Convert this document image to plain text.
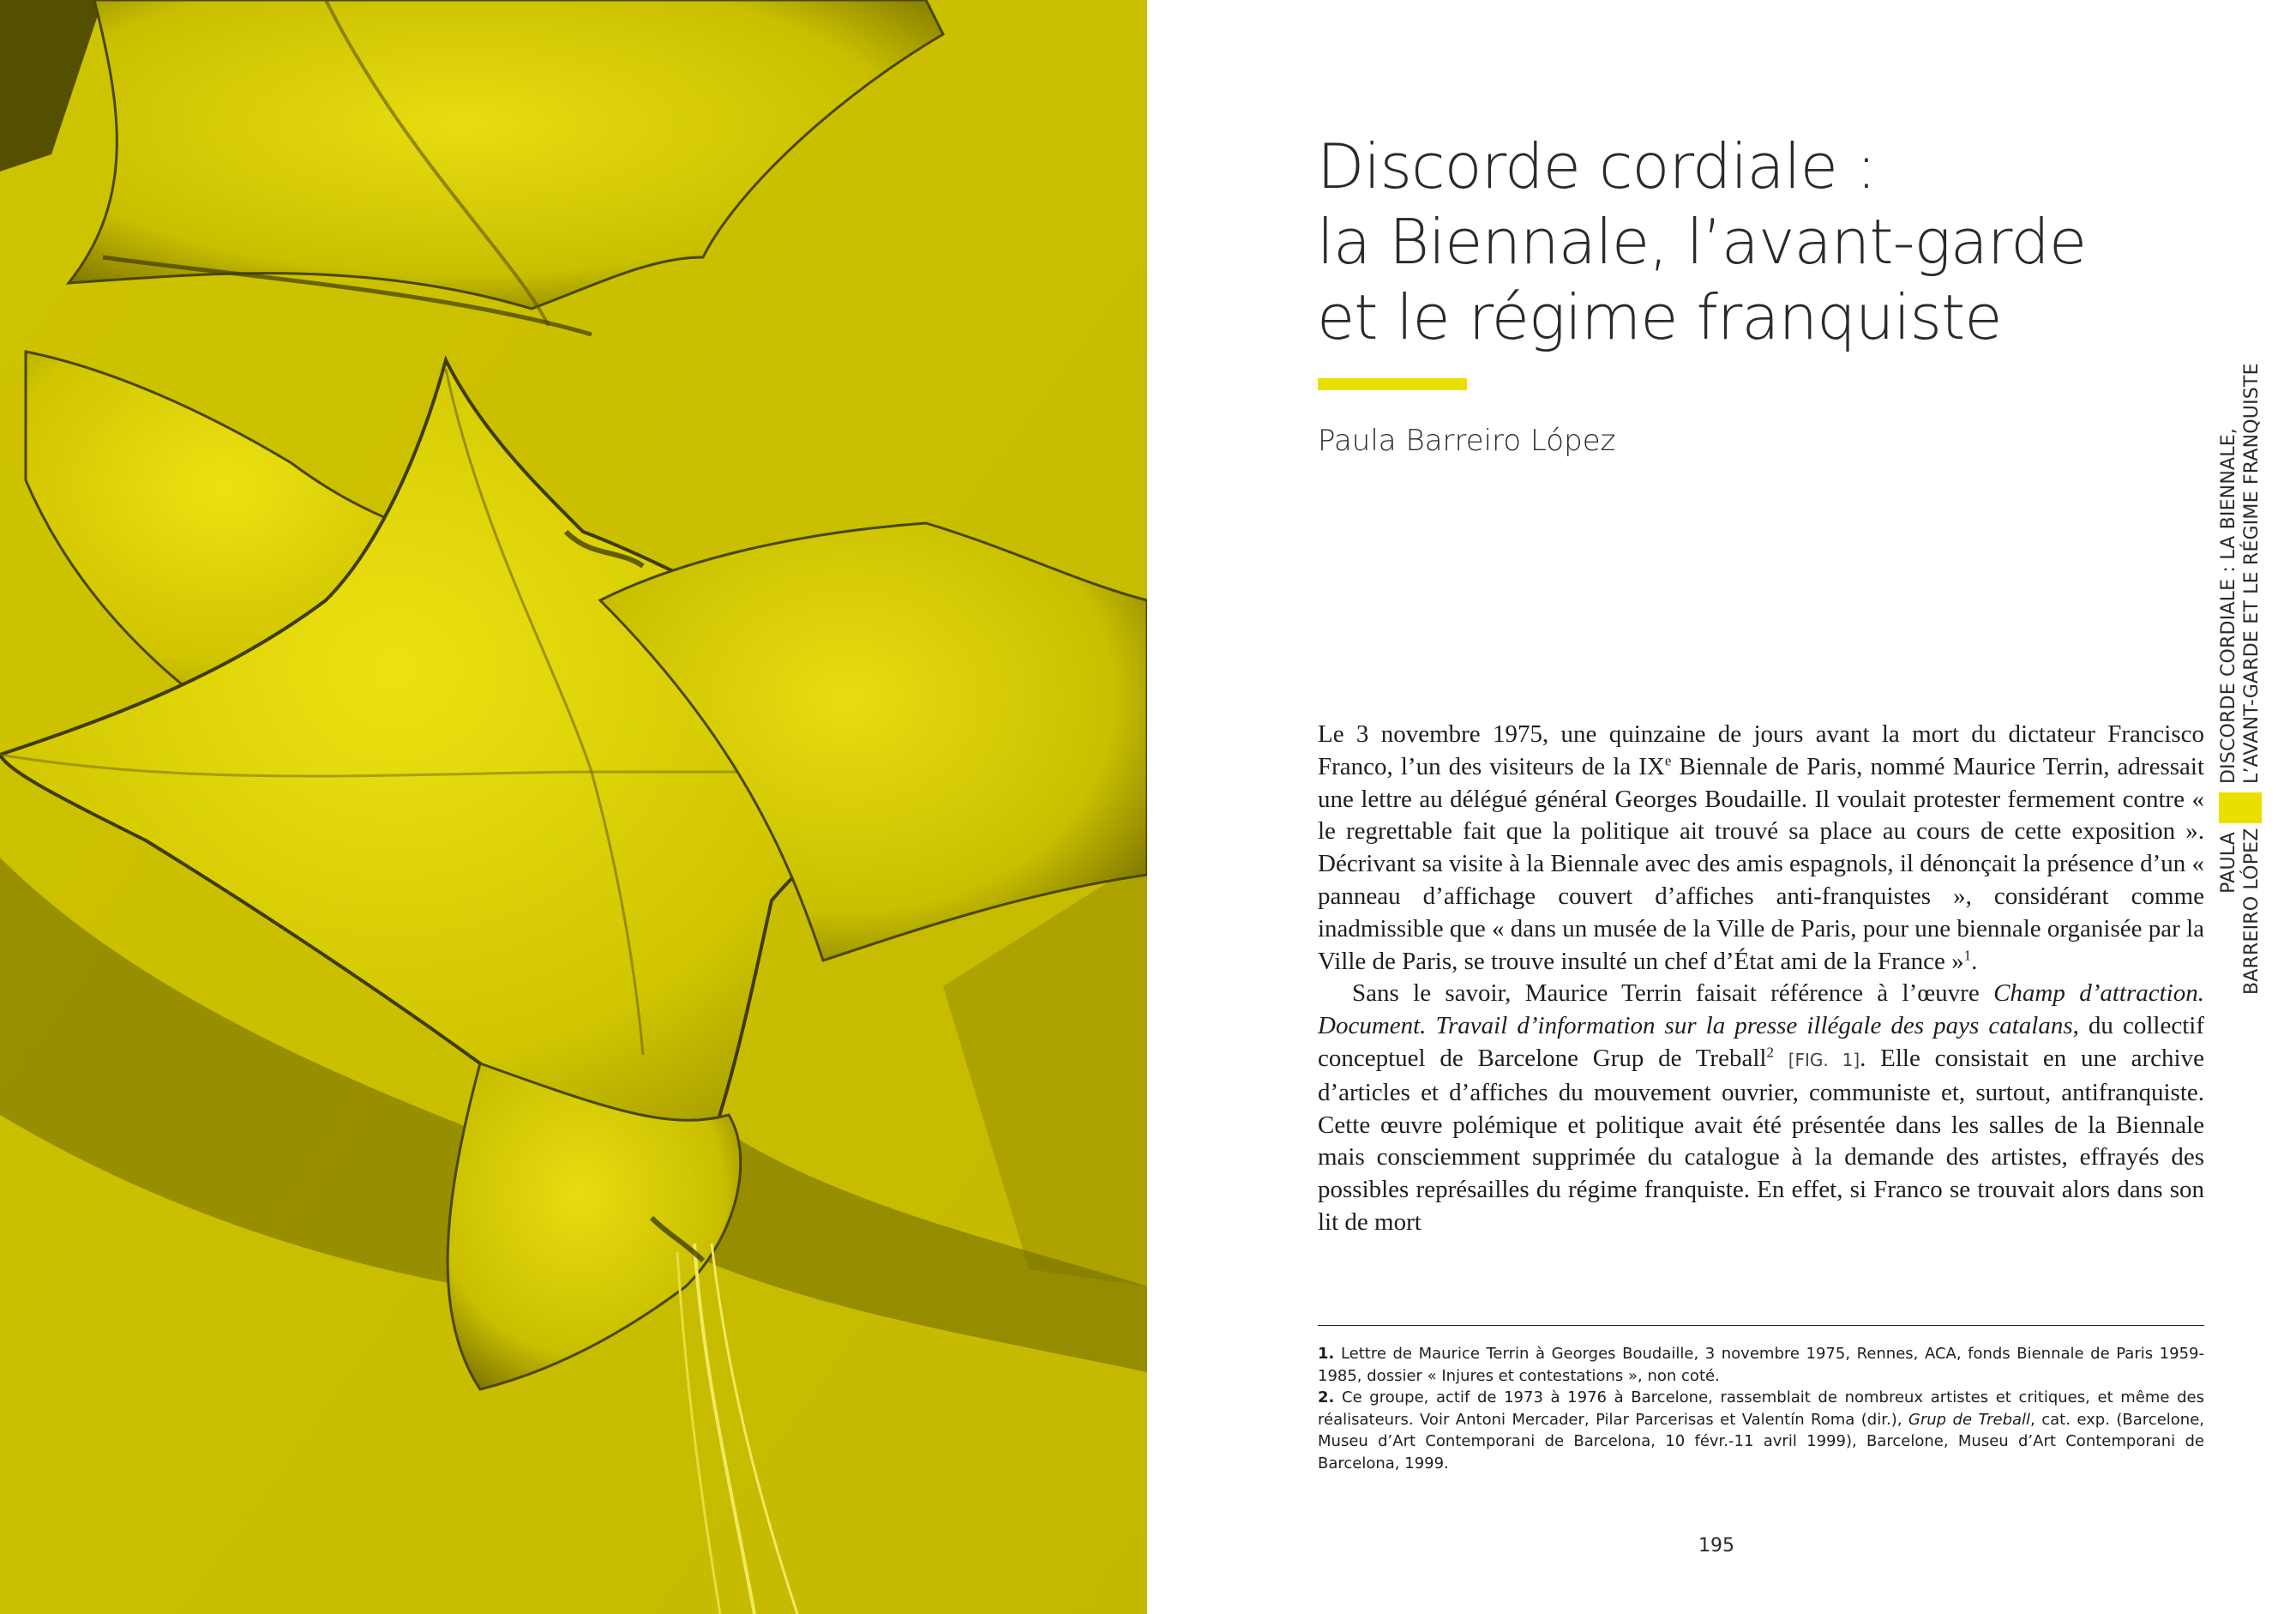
Discorde cordiale :
la Biennale, l’avant-garde
et le régime franquiste
Paula Barreiro López

Le 3 novembre 1975, une quinzaine de jours avant la mort du dictateur Francisco Franco, l’un des visiteurs de la IXe Biennale de Paris, nommé Maurice Terrin, adressait une lettre au délégué général Georges Boudaille. Il voulait protester fermement contre « le regrettable fait que la politique ait trouvé sa place au cours de cette exposition ». Décrivant sa visite à la Biennale avec des amis espagnols, il dénonçait la présence d’un « panneau d’affichage couvert d’affiches anti-franquistes », considérant comme inadmissible que « dans un musée de la Ville de Paris, pour une biennale organisée par la Ville de Paris, se trouve insulté un chef d’État ami de la France »$^1$.

Sans le savoir, Maurice Terrin faisait référence à l’œuvre Champ d’attraction. Document. Travail d’information sur la presse illégale des pays catalans, du collectif conceptuel de Barcelone Grup de Treball$^2$ [FIG. 1]. Elle consistait en une archive d’articles et d’affiches du mouvement ouvrier, communiste et, surtout, antifranquiste. Cette œuvre polémique et politique avait été présentée dans les salles de la Biennale mais consciemment supprimée du catalogue à la demande des artistes, effrayés des possibles représailles du régime franquiste. En effet, si Franco se trouvait alors dans son lit de mort

1. Lettre de Maurice Terrin à Georges Boudaille, 3 novembre 1975, Rennes, ACA, fonds Biennale de Paris 1959-1985, dossier « Injures et contestations », non coté.

2. Ce groupe, actif de 1973 à 1976 à Barcelone, rassemblait de nombreux artistes et critiques, et même des réalisateurs. Voir Antoni Mercader, Pilar Parcerisas et Valentín Roma (dir.), Grup de Treball, cat. exp. (Barcelone, Museu d’Art Contemporani de Barcelona, 10 févr.-11 avril 1999), Barcelone, Museu d’Art Contemporani de Barcelona, 1999.

195
PAULA BARREIRO LÓPEZ
DISCORDE CORDIALE : LA BIENNALE, L’AVANT-GARDE ET LE RÉGIME FRANQUISTE
